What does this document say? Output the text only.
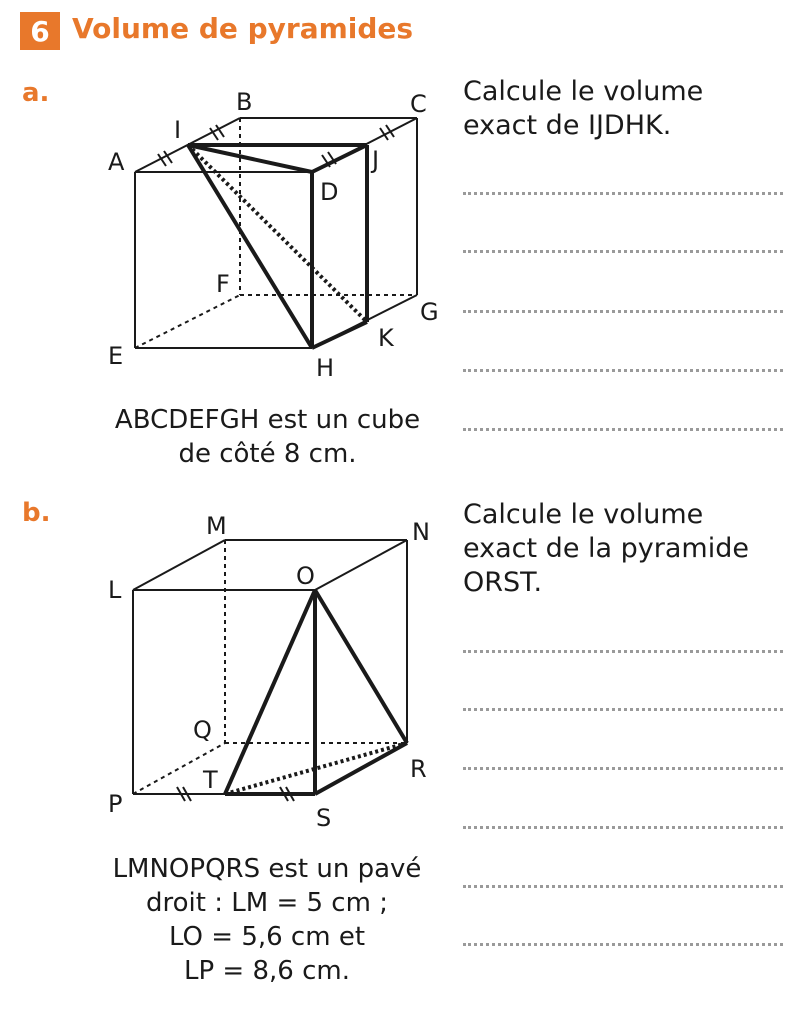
6 Volume de pyramides
a.	Calcule le volume
exact de IJDHK.
ABCDEFGH est un cube
de côté 8 cm.
A
B	C
D
E
F
G
H
I
J
K
L
M	N
O
P
Q
R
S
T
b.	Calcule le volume
exact de la pyramide
ORST.
LMNOPQRS est un pavé
droit : LM = 5 cm ;
LO = 5,6 cm et
LP = 8,6 cm.
